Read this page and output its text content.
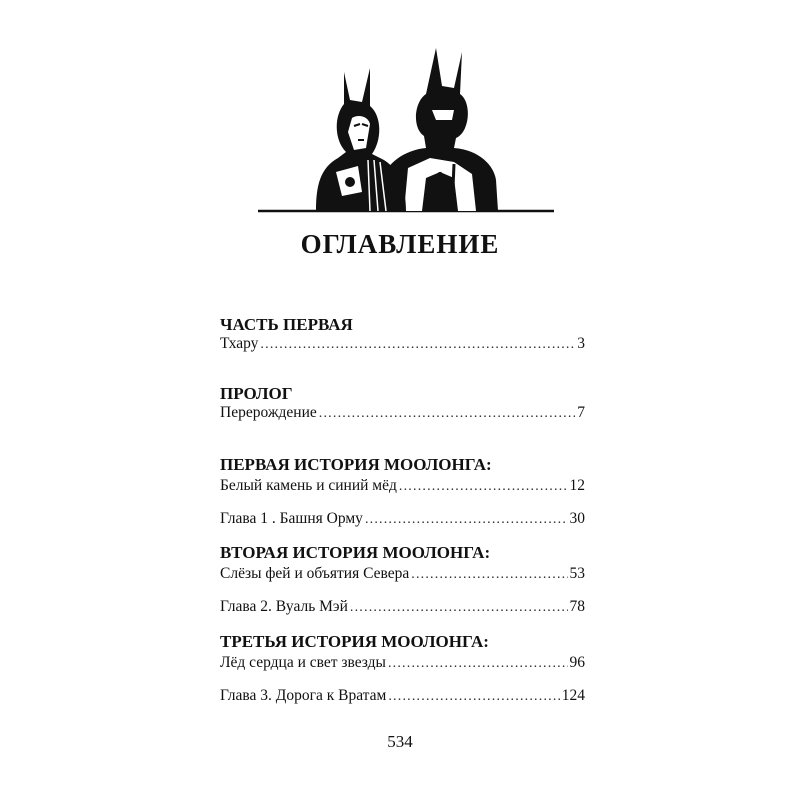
ОГЛАВЛЕНИЕ
ЧАСТЬ ПЕРВАЯ
Тхару .....	3
ПРОЛОГ
Перерождение .....	7
ПЕРВАЯ ИСТОРИЯ МООЛОНГА:
Белый камень и синий мёд .....	12
Глава 1 . Башня Орму .....	30
ВТОРАЯ ИСТОРИЯ МООЛОНГА:
Слёзы фей и объятия Севера .....	53
Глава 2. Вуаль Мэй .....	78
ТРЕТЬЯ ИСТОРИЯ МООЛОНГА:
Лёд сердца и свет звезды .....	96
Глава 3. Дорога к Вратам .....	124
534
